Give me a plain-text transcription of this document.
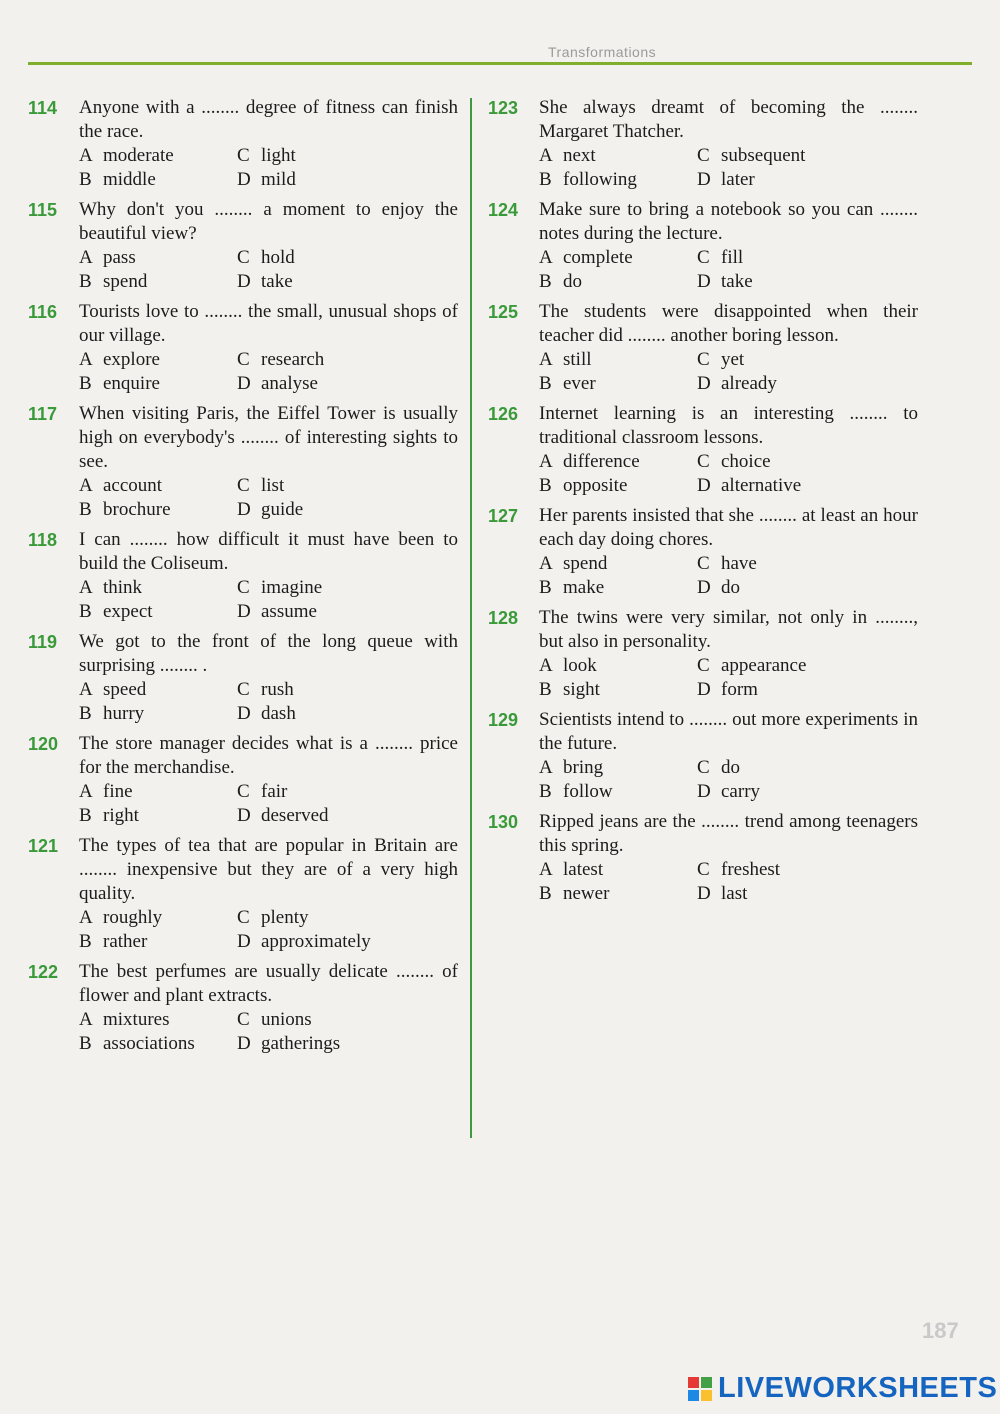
Transformations
114	Anyone with a ........ degree of fitness can finish the race.
A moderate	C light
B middle	D mild
115	Why don't you ........ a moment to enjoy the beautiful view?
A pass	C hold
B spend	D take
116	Tourists love to ........ the small, unusual shops of our village.
A explore	C research
B enquire	D analyse
117	When visiting Paris, the Eiffel Tower is usually high on everybody's ........ of interesting sights to see.
A account	C list
B brochure	D guide
118	I can ........ how difficult it must have been to build the Coliseum.
A think	C imagine
B expect	D assume
119	We got to the front of the long queue with surprising ........ .
A speed	C rush
B hurry	D dash
120	The store manager decides what is a ........ price for the merchandise.
A fine	C fair
B right	D deserved
121	The types of tea that are popular in Britain are ........ inexpensive but they are of a very high quality.
A roughly	C plenty
B rather	D approximately
122	The best perfumes are usually delicate ........ of flower and plant extracts.
A mixtures	C unions
B associations	D gatherings
123	She always dreamt of becoming the ........ Margaret Thatcher.
A next	C subsequent
B following	D later
124	Make sure to bring a notebook so you can ........ notes during the lecture.
A complete	C fill
B do	D take
125	The students were disappointed when their teacher did ........ another boring lesson.
A still	C yet
B ever	D already
126	Internet learning is an interesting ........ to traditional classroom lessons.
A difference	C choice
B opposite	D alternative
127	Her parents insisted that she ........ at least an hour each day doing chores.
A spend	C have
B make	D do
128	The twins were very similar, not only in ........, but also in personality.
A look	C appearance
B sight	D form
129	Scientists intend to ........ out more experiments in the future.
A bring	C do
B follow	D carry
130	Ripped jeans are the ........ trend among teenagers this spring.
A latest	C freshest
B newer	D last
187
LIVEWORKSHEETS
